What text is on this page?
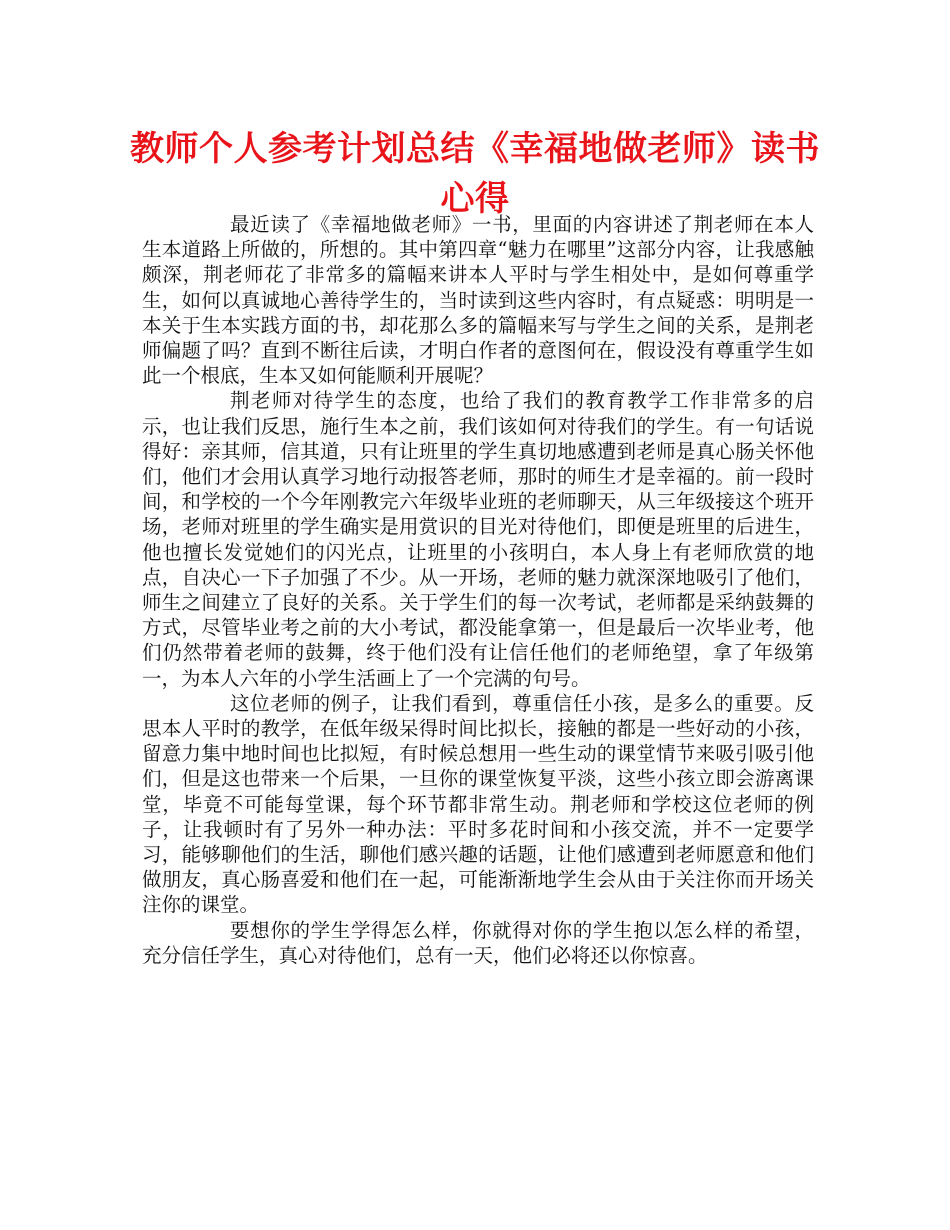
教师个人参考计划总结《幸福地做老师》读书心得

最近读了《幸福地做老师》一书，里面的内容讲述了荆老师在本人生本道路上所做的，所想的。其中第四章“魅力在哪里”这部分内容，让我感触颇深，荆老师花了非常多的篇幅来讲本人平时与学生相处中，是如何尊重学生，如何以真诚地心善待学生的，当时读到这些内容时，有点疑惑：明明是一本关于生本实践方面的书，却花那么多的篇幅来写与学生之间的关系，是荆老师偏题了吗？直到不断往后读，才明白作者的意图何在，假设没有尊重学生如此一个根底，生本又如何能顺利开展呢？

荆老师对待学生的态度，也给了我们的教育教学工作非常多的启示，也让我们反思，施行生本之前，我们该如何对待我们的学生。有一句话说得好：亲其师，信其道，只有让班里的学生真切地感遭到老师是真心肠关怀他们，他们才会用认真学习地行动报答老师，那时的师生才是幸福的。前一段时间，和学校的一个今年刚教完六年级毕业班的老师聊天，从三年级接这个班开场，老师对班里的学生确实是用赏识的目光对待他们，即便是班里的后进生，他也擅长发觉她们的闪光点，让班里的小孩明白，本人身上有老师欣赏的地点，自决心一下子加强了不少。从一开场，老师的魅力就深深地吸引了他们，师生之间建立了良好的关系。关于学生们的每一次考试，老师都是采纳鼓舞的方式，尽管毕业考之前的大小考试，都没能拿第一，但是最后一次毕业考，他们仍然带着老师的鼓舞，终于他们没有让信任他们的老师绝望，拿了年级第一，为本人六年的小学生活画上了一个完满的句号。

这位老师的例子，让我们看到，尊重信任小孩，是多么的重要。反思本人平时的教学，在低年级呆得时间比拟长，接触的都是一些好动的小孩，留意力集中地时间也比拟短，有时候总想用一些生动的课堂情节来吸引吸引他们，但是这也带来一个后果，一旦你的课堂恢复平淡，这些小孩立即会游离课堂，毕竟不可能每堂课，每个环节都非常生动。荆老师和学校这位老师的例子，让我顿时有了另外一种办法：平时多花时间和小孩交流，并不一定要学习，能够聊他们的生活，聊他们感兴趣的话题，让他们感遭到老师愿意和他们做朋友，真心肠喜爱和他们在一起，可能渐渐地学生会从由于关注你而开场关注你的课堂。

要想你的学生学得怎么样，你就得对你的学生抱以怎么样的希望，充分信任学生，真心对待他们，总有一天，他们必将还以你惊喜。
